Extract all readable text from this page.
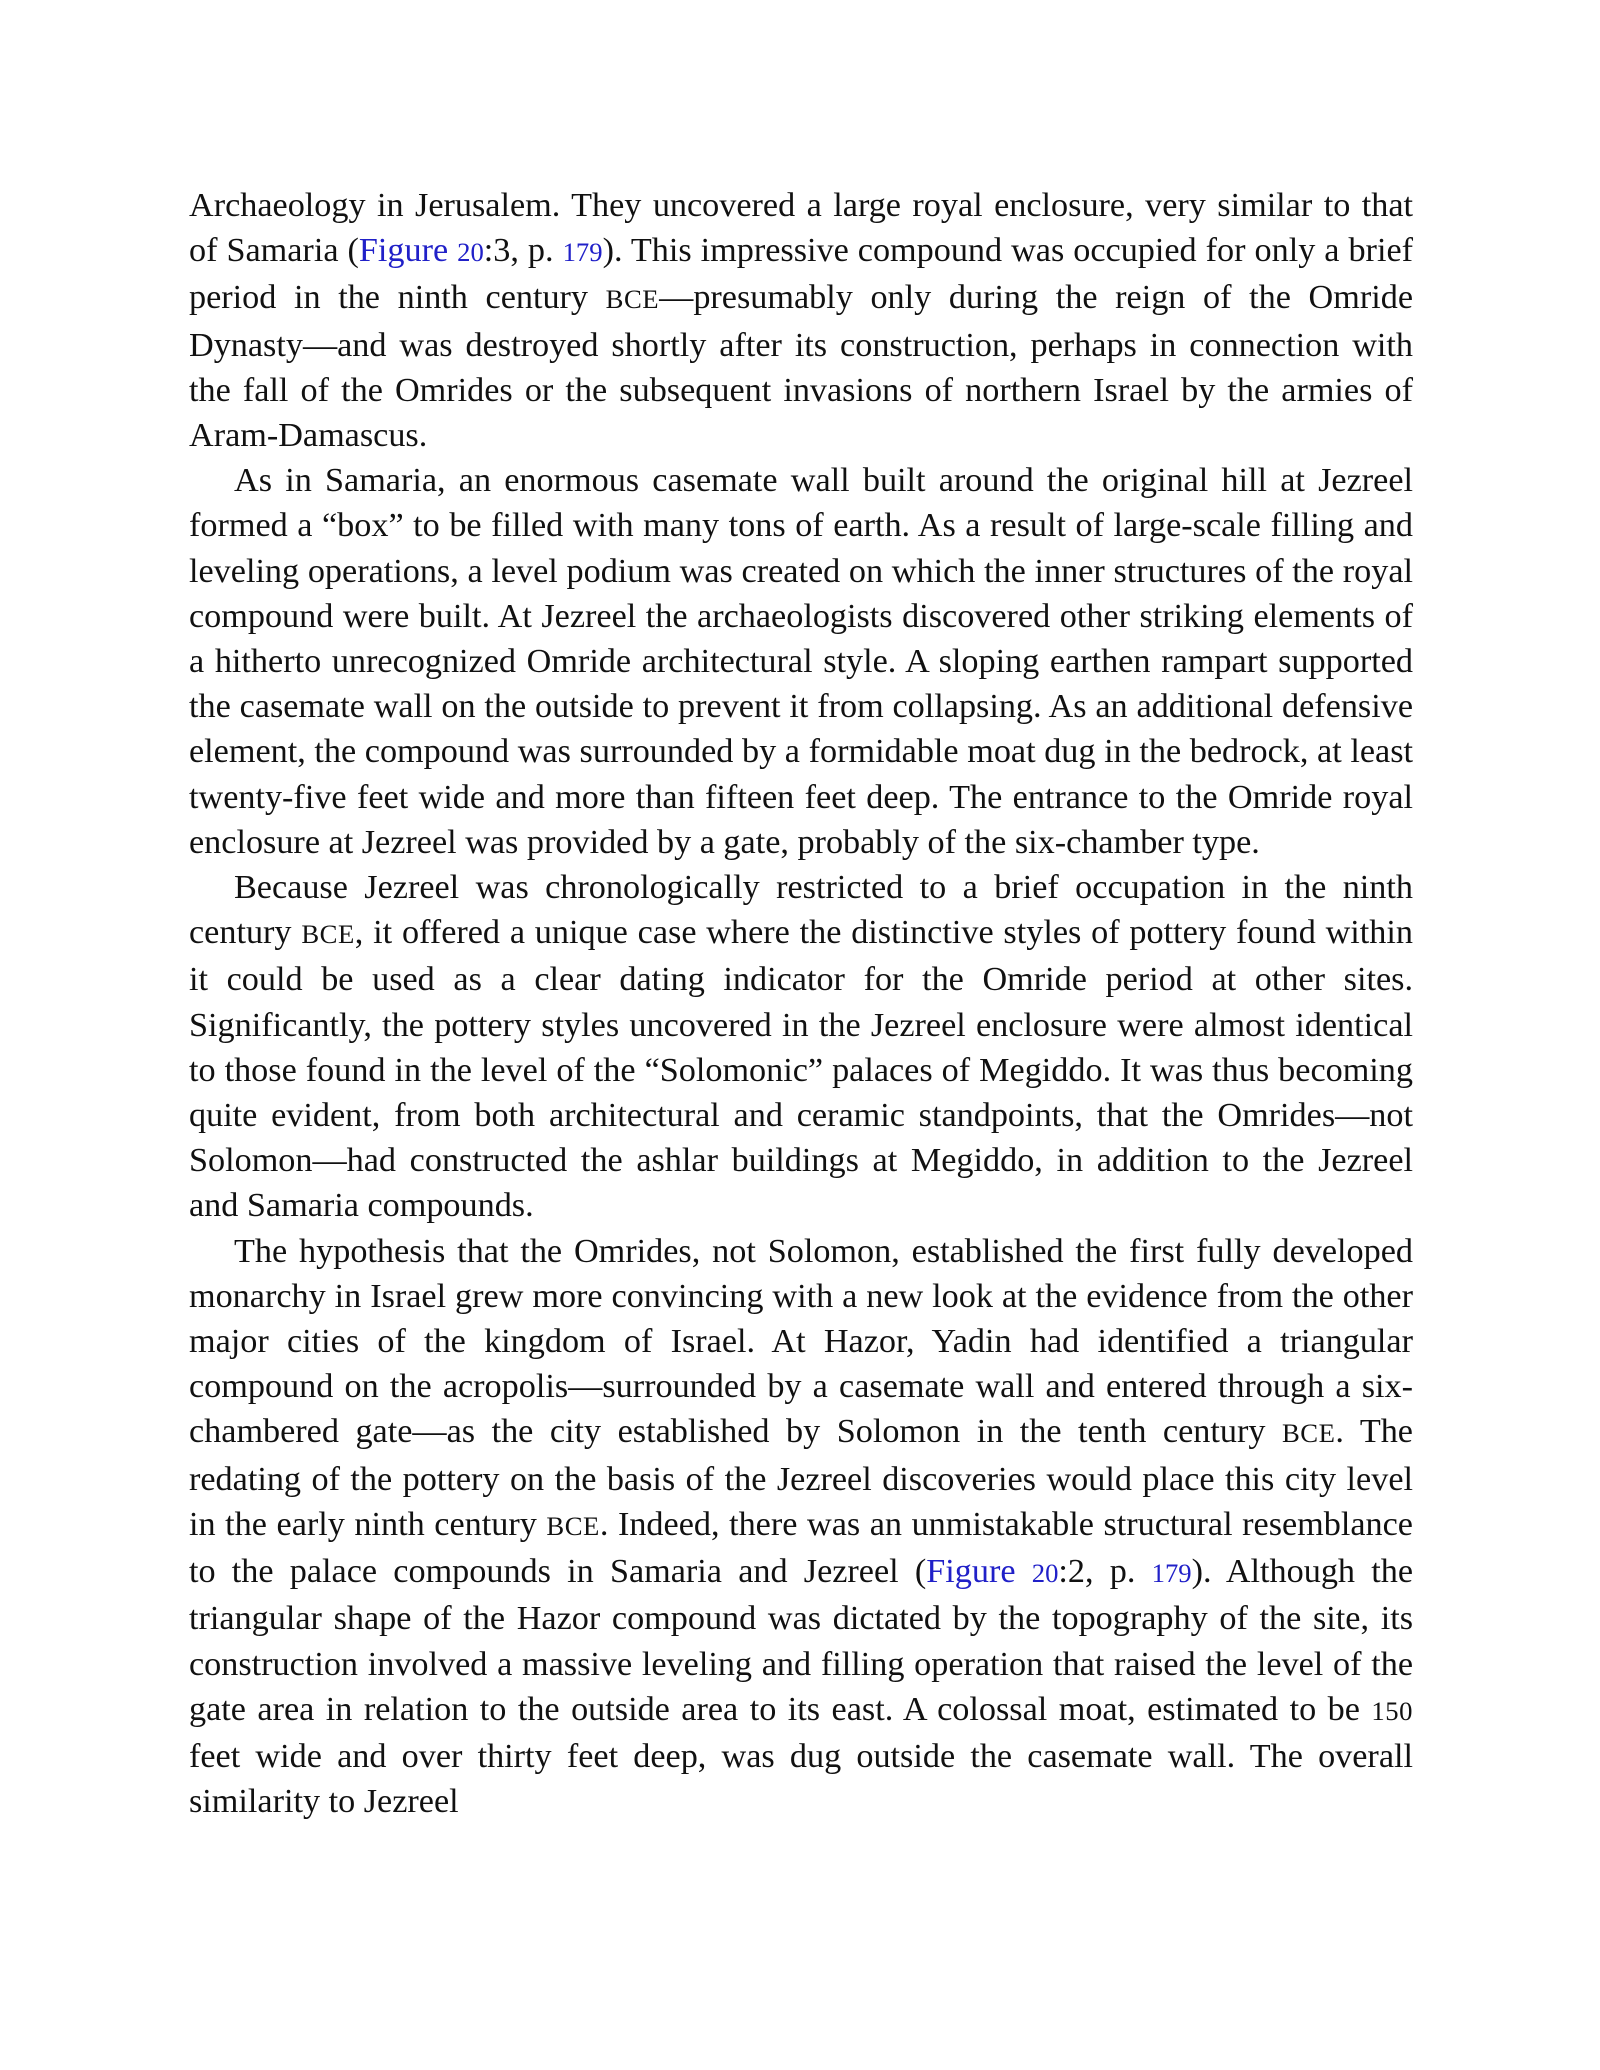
Archaeology in Jerusalem. They uncovered a large royal enclosure, very similar to that of Samaria (Figure 20:3, p. 179). This impressive compound was occupied for only a brief period in the ninth century BCE—presumably only during the reign of the Omride Dynasty—and was destroyed shortly after its construction, perhaps in connection with the fall of the Omrides or the subsequent invasions of northern Israel by the armies of Aram-Damascus.

As in Samaria, an enormous casemate wall built around the original hill at Jezreel formed a “box” to be filled with many tons of earth. As a result of large-scale filling and leveling operations, a level podium was created on which the inner structures of the royal compound were built. At Jezreel the archaeologists discovered other striking elements of a hitherto unrecognized Omride architectural style. A sloping earthen rampart supported the casemate wall on the outside to prevent it from collapsing. As an additional defensive element, the compound was surrounded by a formidable moat dug in the bedrock, at least twenty-five feet wide and more than fifteen feet deep. The entrance to the Omride royal enclosure at Jezreel was provided by a gate, probably of the six-chamber type.

Because Jezreel was chronologically restricted to a brief occupation in the ninth century BCE, it offered a unique case where the distinctive styles of pottery found within it could be used as a clear dating indicator for the Omride period at other sites. Significantly, the pottery styles uncovered in the Jezreel enclosure were almost identical to those found in the level of the “Solomonic” palaces of Megiddo. It was thus becoming quite evident, from both architectural and ceramic standpoints, that the Omrides—not Solomon—had constructed the ashlar buildings at Megiddo, in addition to the Jezreel and Samaria compounds.

The hypothesis that the Omrides, not Solomon, established the first fully developed monarchy in Israel grew more convincing with a new look at the evidence from the other major cities of the kingdom of Israel. At Hazor, Yadin had identified a triangular compound on the acropolis—surrounded by a casemate wall and entered through a six-chambered gate—as the city established by Solomon in the tenth century BCE. The redating of the pottery on the basis of the Jezreel discoveries would place this city level in the early ninth century BCE. Indeed, there was an unmistakable structural resemblance to the palace compounds in Samaria and Jezreel (Figure 20:2, p. 179). Although the triangular shape of the Hazor compound was dictated by the topography of the site, its construction involved a massive leveling and filling operation that raised the level of the gate area in relation to the outside area to its east. A colossal moat, estimated to be 150 feet wide and over thirty feet deep, was dug outside the casemate wall. The overall similarity to Jezreel
